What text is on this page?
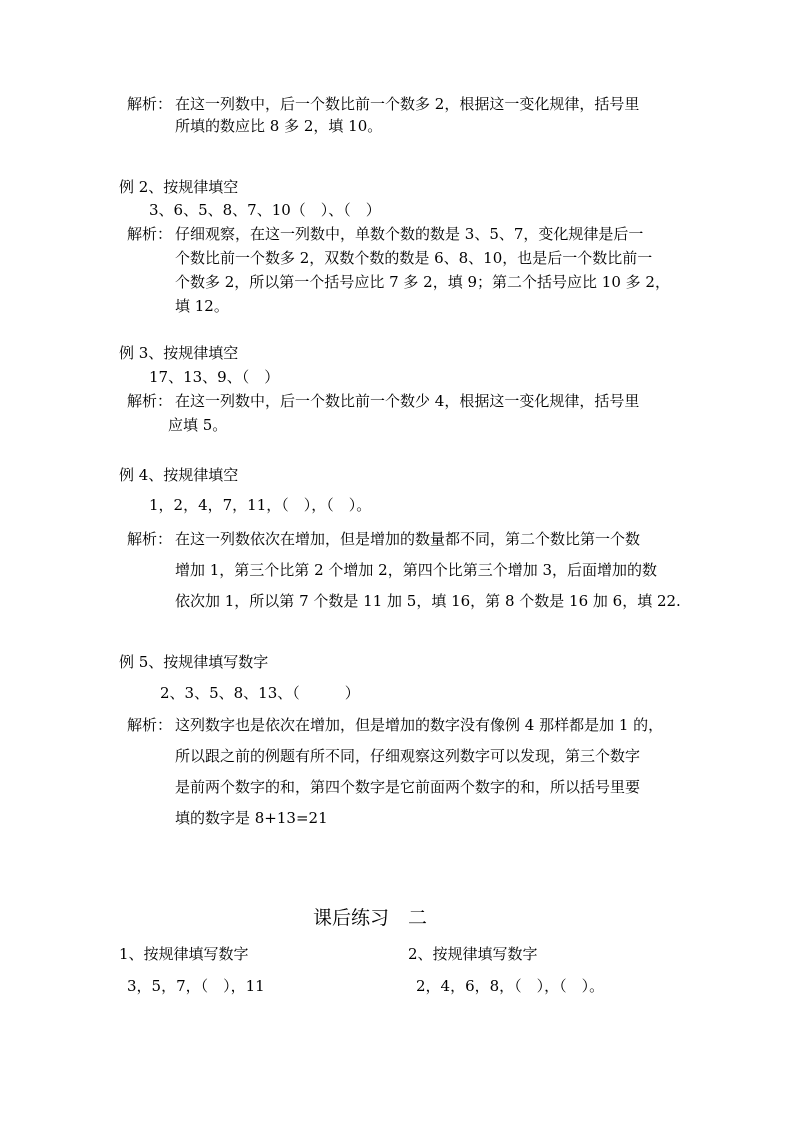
解析： 在这一列数中，后一个数比前一个数多 2，根据这一变化规律，括号里
所填的数应比 8 多 2，填 10。
例 2、按规律填空
3、6、5、8、7、10（　）、（　）
解析： 仔细观察，在这一列数中，单数个数的数是 3、5、7，变化规律是后一
个数比前一个数多 2，双数个数的数是 6、8、10，也是后一个数比前一
个数多 2，所以第一个括号应比 7 多 2，填 9；第二个括号应比 10 多 2，
填 12。
例 3、按规律填空
17、13、9、（　）
解析： 在这一列数中，后一个数比前一个数少 4，根据这一变化规律，括号里
应填 5。
例 4、按规律填空
1，2，4，7，11，（　），（　）。
解析： 在这一列数依次在增加，但是增加的数量都不同，第二个数比第一个数
增加 1，第三个比第 2 个增加 2，第四个比第三个增加 3，后面增加的数
依次加 1，所以第 7 个数是 11 加 5，填 16，第 8 个数是 16 加 6，填 22.
例 5、按规律填写数字
2、3、5、8、13、（　　　）
解析： 这列数字也是依次在增加，但是增加的数字没有像例 4 那样都是加 1 的，
所以跟之前的例题有所不同，仔细观察这列数字可以发现，第三个数字
是前两个数字的和，第四个数字是它前面两个数字的和，所以括号里要
填的数字是 8+13=21
课后练习　二
1、按规律填写数字
3，5，7，（　），11
2、按规律填写数字
2，4，6，8，（　），（　）。
